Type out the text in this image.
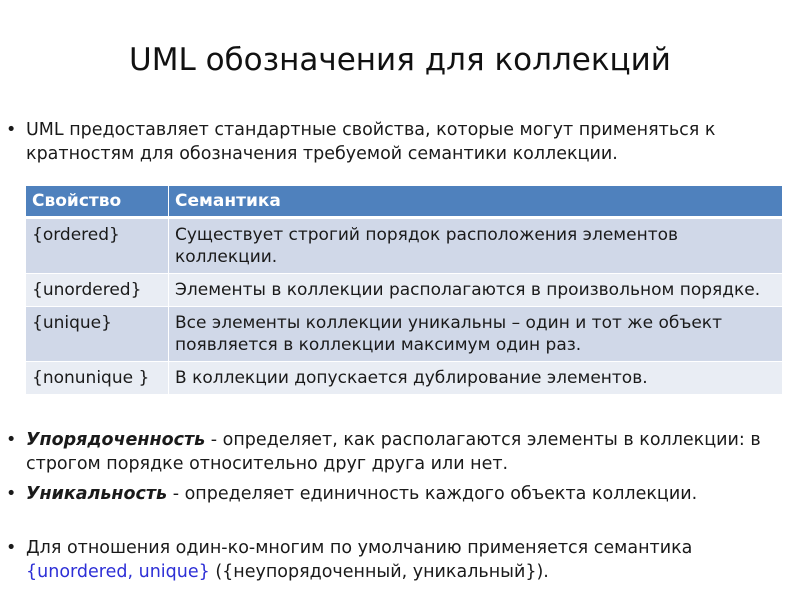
UML обозначения для коллекций
• UML предоставляет стандартные свойства, которые могут применяться к кратностям для обозначения требуемой семантики коллекции.
Свойство	Семантика
{ordered}	Существует строгий порядок расположения элементов коллекции.
{unordered}	Элементы в коллекции располагаются в произвольном порядке.
{unique}	Все элементы коллекции уникальны – один и тот же объект появляется в коллекции максимум один раз.
{nonunique }	В коллекции допускается дублирование элементов.
• Упорядоченность - определяет, как располагаются элементы в коллекции: в строгом порядке относительно друг друга или нет.
• Уникальность - определяет единичность каждого объекта коллекции.
• Для отношения один-ко-многим по умолчанию применяется семантика {unordered, unique} ({неупорядоченный, уникальный}).
